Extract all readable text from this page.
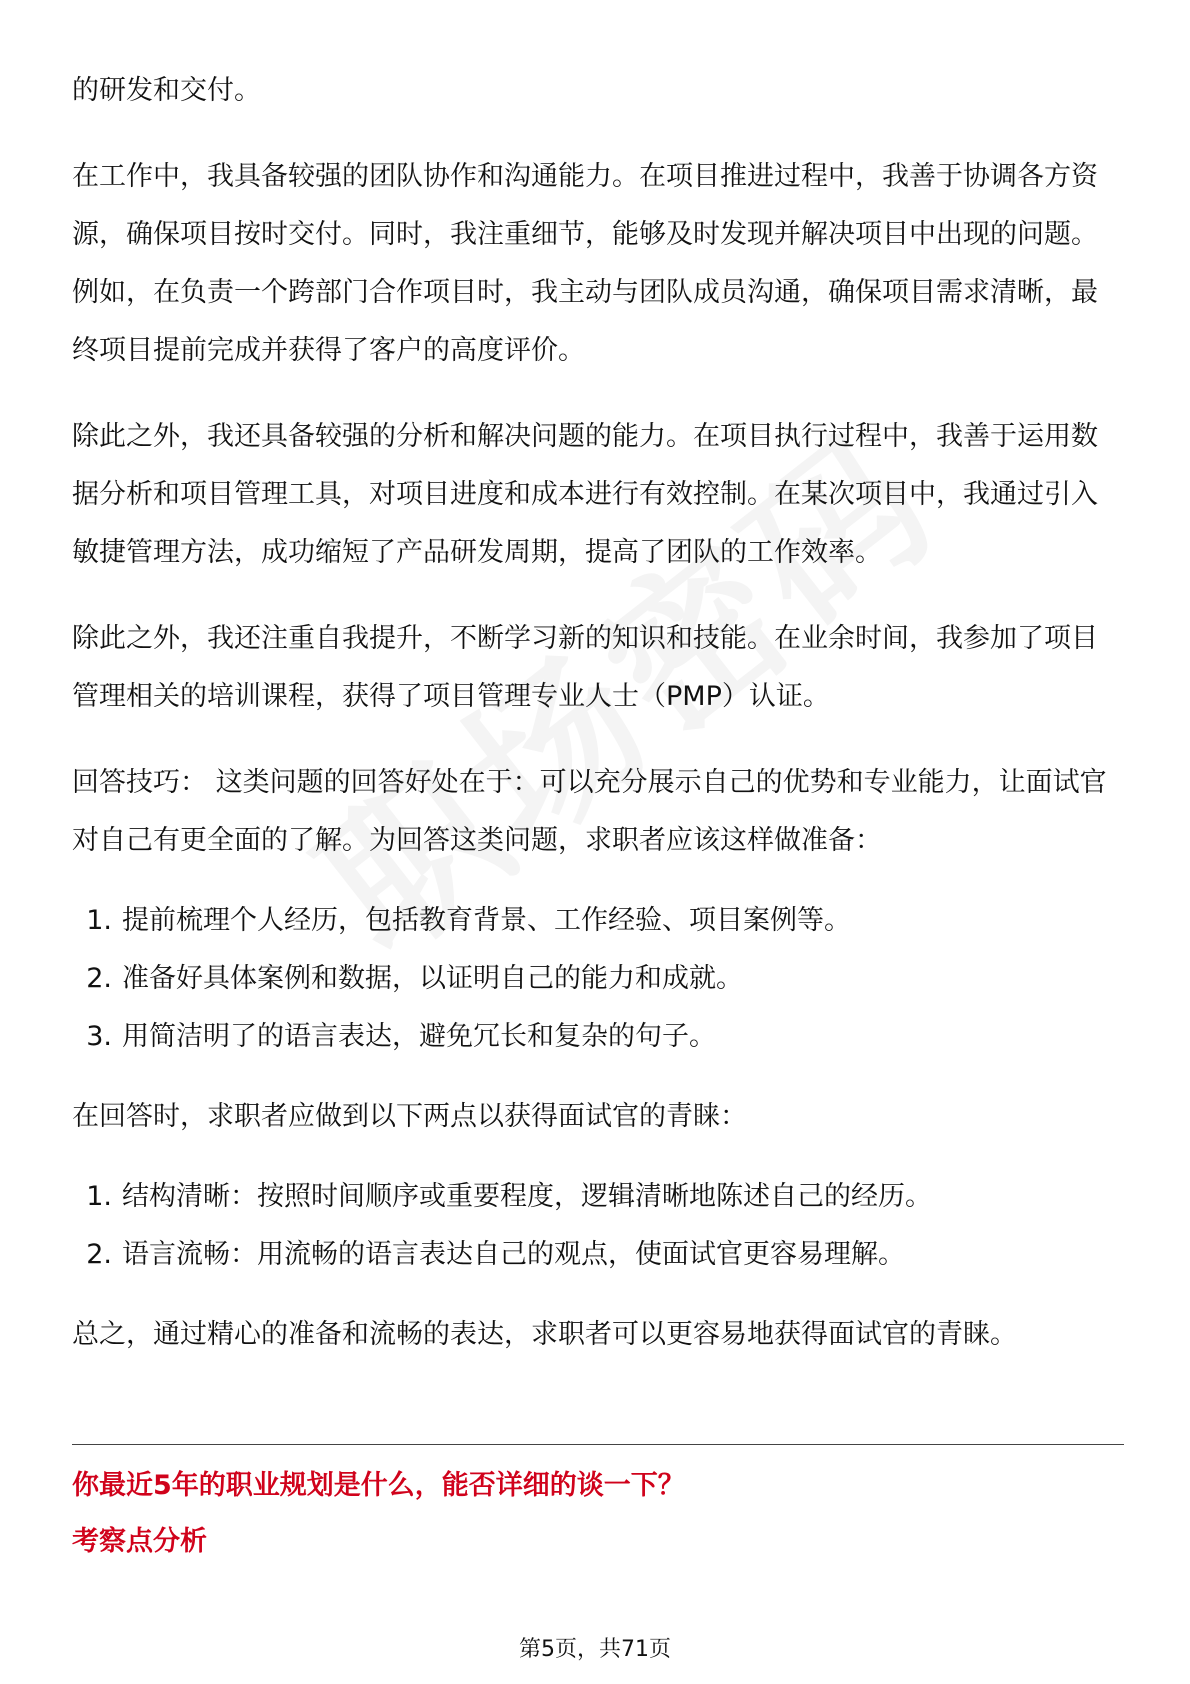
的研发和交付。

在工作中，我具备较强的团队协作和沟通能力。在项目推进过程中，我善于协调各方资源，确保项目按时交付。同时，我注重细节，能够及时发现并解决项目中出现的问题。例如，在负责一个跨部门合作项目时，我主动与团队成员沟通，确保项目需求清晰，最终项目提前完成并获得了客户的高度评价。

除此之外，我还具备较强的分析和解决问题的能力。在项目执行过程中，我善于运用数据分析和项目管理工具，对项目进度和成本进行有效控制。在某次项目中，我通过引入敏捷管理方法，成功缩短了产品研发周期，提高了团队的工作效率。

除此之外，我还注重自我提升，不断学习新的知识和技能。在业余时间，我参加了项目管理相关的培训课程，获得了项目管理专业人士（PMP）认证。

回答技巧： 这类问题的回答好处在于：可以充分展示自己的优势和专业能力，让面试官对自己有更全面的了解。为回答这类问题，求职者应该这样做准备：

1. 提前梳理个人经历，包括教育背景、工作经验、项目案例等。
2. 准备好具体案例和数据，以证明自己的能力和成就。
3. 用简洁明了的语言表达，避免冗长和复杂的句子。

在回答时，求职者应做到以下两点以获得面试官的青睐：

1. 结构清晰：按照时间顺序或重要程度，逻辑清晰地陈述自己的经历。
2. 语言流畅：用流畅的语言表达自己的观点，使面试官更容易理解。

总之，通过精心的准备和流畅的表达，求职者可以更容易地获得面试官的青睐。

你最近5年的职业规划是什么，能否详细的谈一下？
考察点分析
第5页，共71页
